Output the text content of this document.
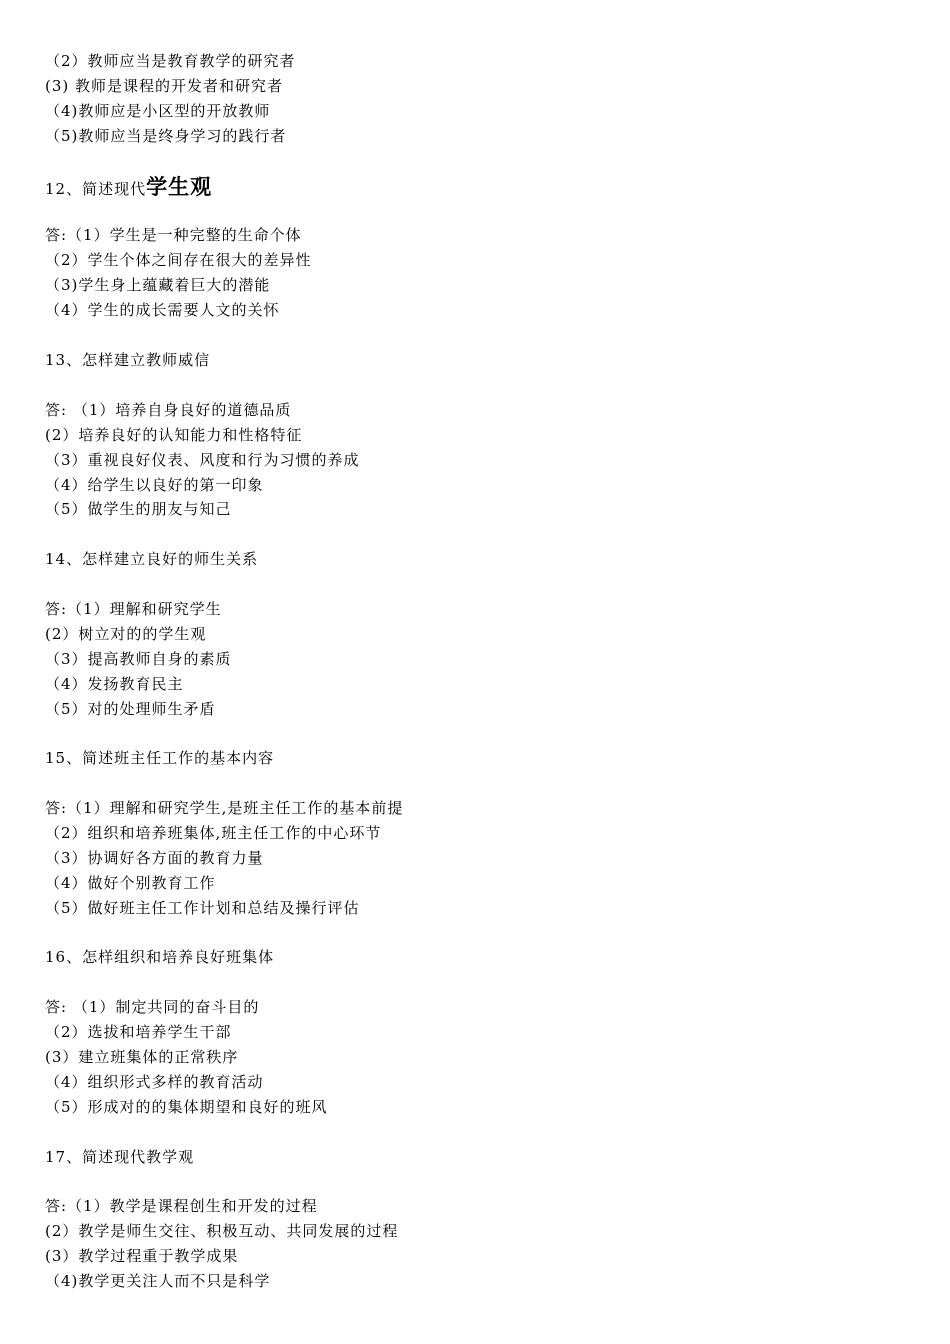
（2）教师应当是教育教学的研究者
(3) 教师是课程的开发者和研究者
（4)教师应是小区型的开放教师
（5)教师应当是终身学习的践行者
12、简述现代学生观
答:（1）学生是一种完整的生命个体
（2）学生个体之间存在很大的差异性
（3)学生身上蕴藏着巨大的潜能
（4）学生的成长需要人文的关怀
13、怎样建立教师威信
答: （1）培养自身良好的道德品质
(2）培养良好的认知能力和性格特征
（3）重视良好仪表、风度和行为习惯的养成
（4）给学生以良好的第一印象
（5）做学生的朋友与知己
14、怎样建立良好的师生关系
答:（1）理解和研究学生
(2）树立对的的学生观
（3）提高教师自身的素质
（4）发扬教育民主
（5）对的处理师生矛盾
15、简述班主任工作的基本内容
答:（1）理解和研究学生,是班主任工作的基本前提
（2）组织和培养班集体,班主任工作的中心环节
（3）协调好各方面的教育力量
（4）做好个别教育工作
（5）做好班主任工作计划和总结及操行评估
16、怎样组织和培养良好班集体
答: （1）制定共同的奋斗目的
（2）选拔和培养学生干部
(3）建立班集体的正常秩序
（4）组织形式多样的教育活动
（5）形成对的的集体期望和良好的班风
17、简述现代教学观
答:（1）教学是课程创生和开发的过程
(2）教学是师生交往、积极互动、共同发展的过程
(3）教学过程重于教学成果
（4)教学更关注人而不只是科学
